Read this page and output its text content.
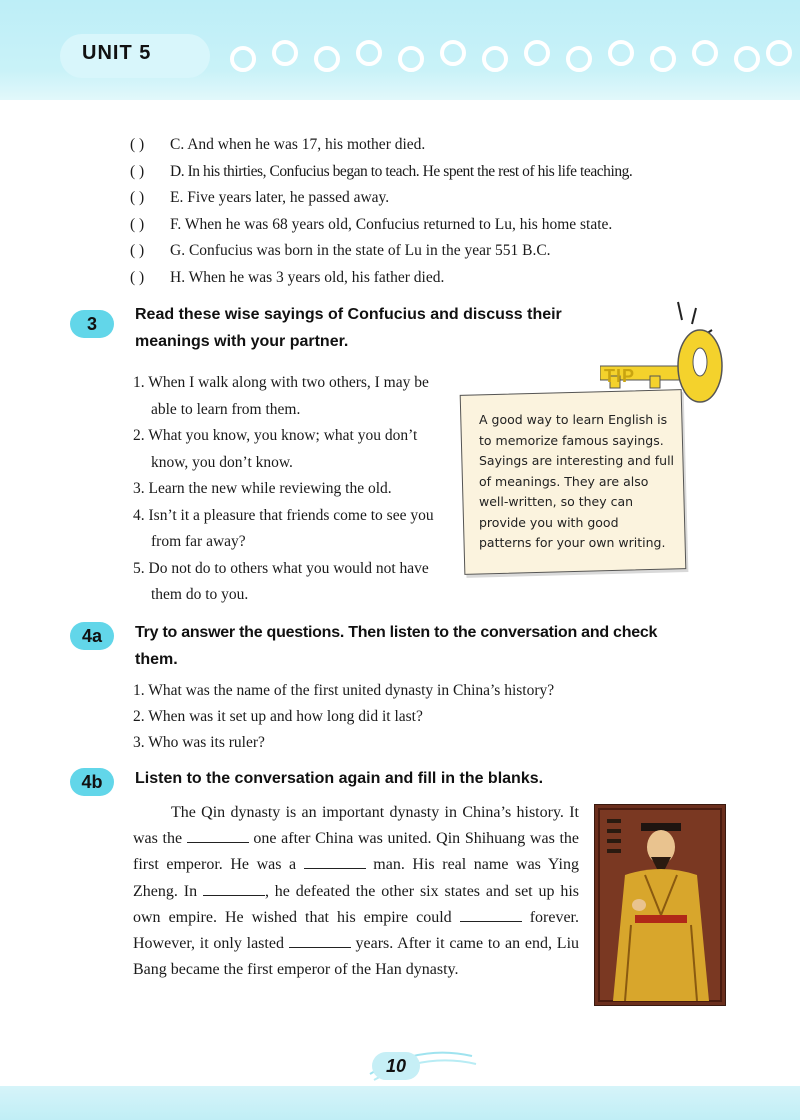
UNIT 5
( ) C. And when he was 17, his mother died.
( ) D. In his thirties, Confucius began to teach. He spent the rest of his life teaching.
( ) E. Five years later, he passed away.
( ) F. When he was 68 years old, Confucius returned to Lu, his home state.
( ) G. Confucius was born in the state of Lu in the year 551 B.C.
( ) H. When he was 3 years old, his father died.
3	Read these wise sayings of Confucius and discuss their
meanings with your partner.
1. When I walk along with two others, I may be able to learn from them.
2. What you know, you know; what you don’t know, you don’t know.
3. Learn the new while reviewing the old.
4. Isn’t it a pleasure that friends come to see you from far away?
5. Do not do to others what you would not have them do to you.
TIP
A good way to learn English is to memorize famous sayings. Sayings are interesting and full of meanings. They are also well-written, so they can provide you with good patterns for your own writing.
4a	Try to answer the questions. Then listen to the conversation and check
them.
1. What was the name of the first united dynasty in China’s history?
2. When was it set up and how long did it last?
3. Who was its ruler?
4b	Listen to the conversation again and fill in the blanks.
The Qin dynasty is an important dynasty in China’s history. It was the	one after China was united. Qin Shihuang was the first emperor. He was a	man. His real name was Ying Zheng. In	, he defeated the other six states and set up his own empire. He wished that his empire could	forever. However, it only lasted	years. After it came to an end, Liu Bang became the first emperor of the Han dynasty.
10
